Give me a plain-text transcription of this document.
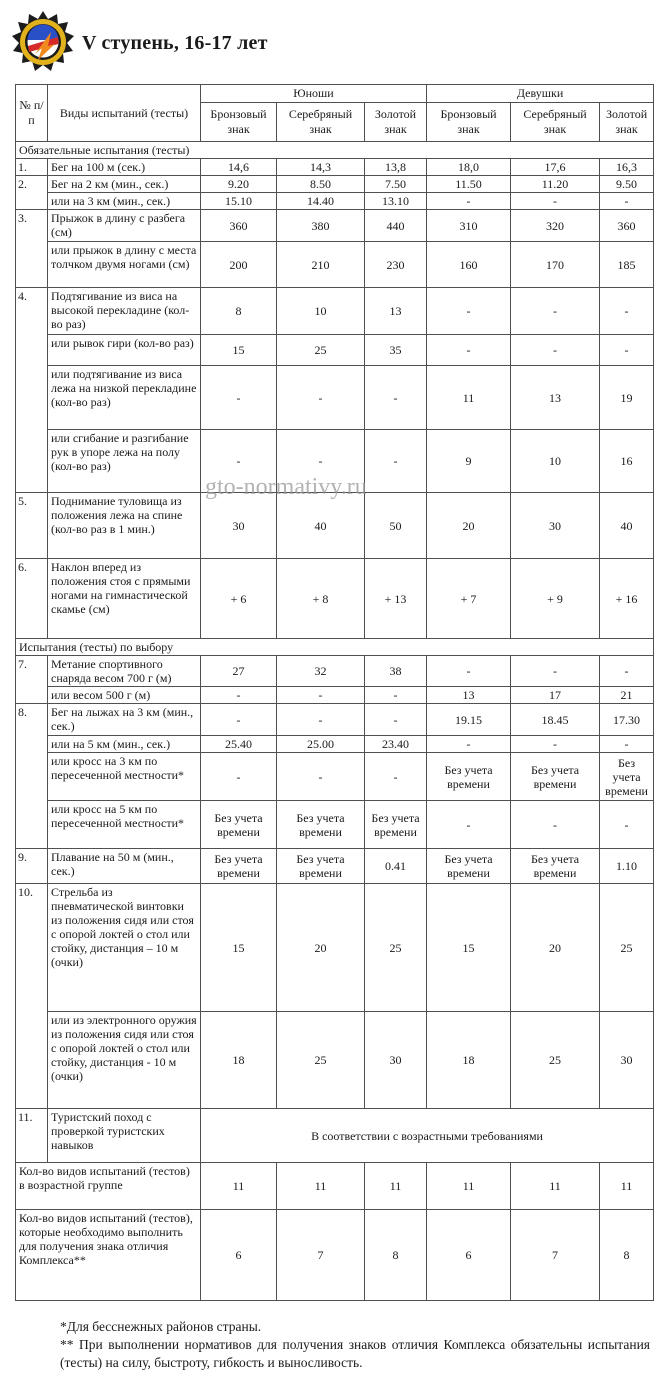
V ступень, 16-17 лет
№ п/п	Виды испытаний (тесты)	Юноши			Девушки		
		Бронзовый знак	Серебряный знак	Золотой знак	Бронзовый знак	Серебряный знак	Золотой знак
Обязательные испытания (тесты)							
1.	Бег на 100 м (сек.)	14,6	14,3	13,8	18,0	17,6	16,3
2.	Бег на 2 км (мин., сек.)	9.20	8.50	7.50	11.50	11.20	9.50
	или на 3 км (мин., сек.)	15.10	14.40	13.10	-	-	-
3.	Прыжок в длину с разбега (см)	360	380	440	310	320	360
	или прыжок в длину с места толчком двумя ногами (см)	200	210	230	160	170	185
4.	Подтягивание из виса на высокой перекладине (кол-во раз)	8	10	13	-	-	-
	или рывок гири (кол-во раз)	15	25	35	-	-	-
	или подтягивание из виса лежа на низкой перекладине (кол-во раз)	-	-	-	11	13	19
	или сгибание и разгибание рук в упоре лежа на полу (кол-во раз)	-	-	-	9	10	16
5.	Поднимание туловища из положения лежа на спине (кол-во раз в 1 мин.)	30	40	50	20	30	40
6.	Наклон вперед из положения стоя с прямыми ногами на гимнастической скамье (см)	+ 6	+ 8	+ 13	+ 7	+ 9	+ 16
Испытания (тесты) по выбору							
7.	Метание спортивного снаряда весом 700 г (м)	27	32	38	-	-	-
	или весом 500 г (м)	-	-	-	13	17	21
8.	Бег на лыжах на 3 км (мин., сек.)	-	-	-	19.15	18.45	17.30
	или на 5 км (мин., сек.)	25.40	25.00	23.40	-	-	-
	или кросс на 3 км по пересеченной местности*	-	-	-	Без учета времени	Без учета времени	Без учета времени
	или кросс на 5 км по пересеченной местности*	Без учета времени	Без учета времени	Без учета времени	-	-	-
9.	Плавание на 50 м (мин., сек.)	Без учета времени	Без учета времени	0.41	Без учета времени	Без учета времени	1.10
10.	Стрельба из пневматической винтовки из положения сидя или стоя с опорой локтей о стол или стойку, дистанция – 10 м (очки)	15	20	25	15	20	25
	или из электронного оружия из положения сидя или стоя с опорой локтей о стол или стойку, дистанция - 10 м (очки)	18	25	30	18	25	30
11.	Туристский поход с проверкой туристских навыков	В соответствии с возрастными требованиями					
Кол-во видов испытаний (тестов) в возрастной группе		11	11	11	11	11	11
Кол-во видов испытаний (тестов), которые необходимо выполнить для получения знака отличия Комплекса**		6	7	8	6	7	8
gto-normativy.ru
*Для бесснежных районов страны.
** При выполнении нормативов для получения знаков отличия Комплекса обязательны испытания (тесты) на силу, быстроту, гибкость и выносливость.
